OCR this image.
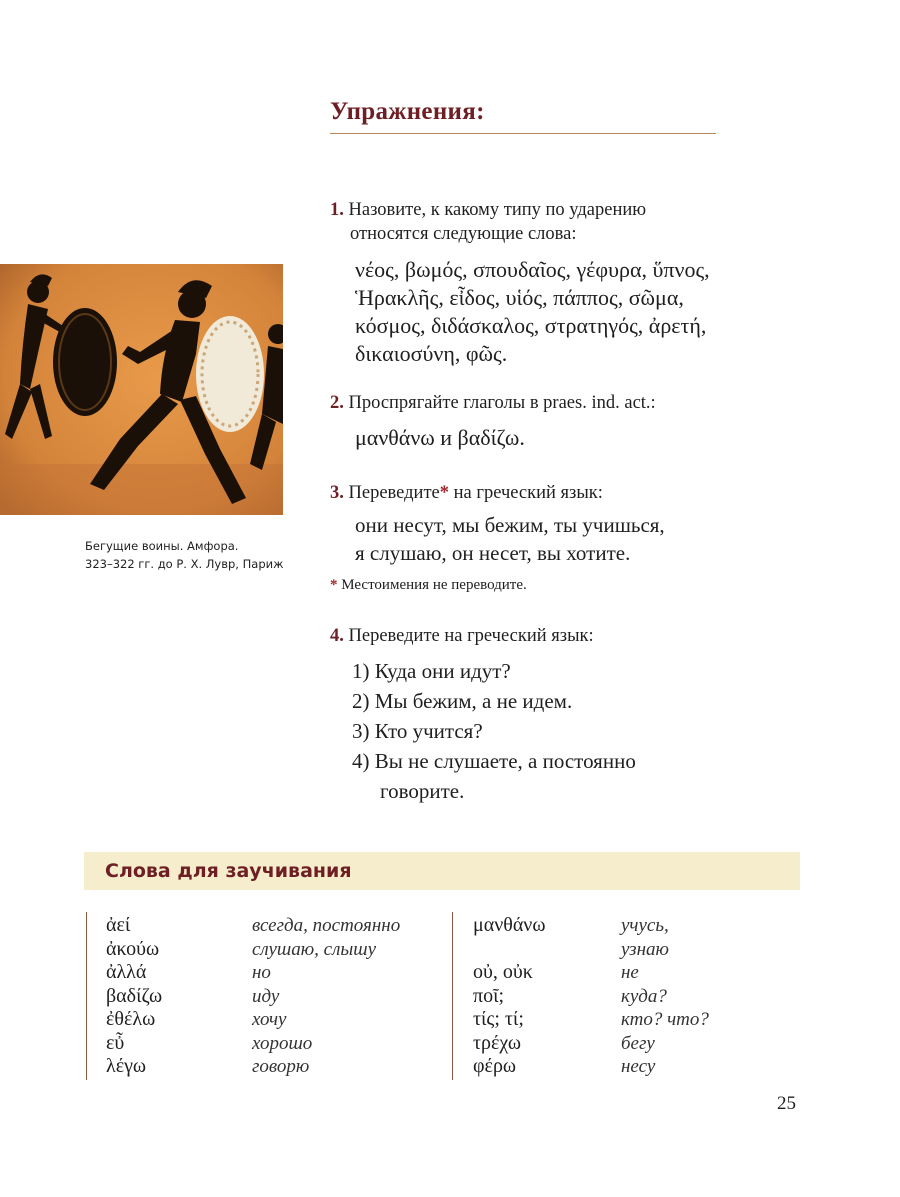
Упражнения:
1. Назовите, к какому типу по ударению
относятся следующие слова:
νέος, βωμός, σπουδαῖος, γέφυρα, ὕπνος,
Ἡρακλῆς, εἶδος, υἱός, πάππος, σῶμα,
κόσμος, διδάσκαλος, στρατηγός, ἀρετή,
δικαιοσύνη, φῶς.
2. Проспрягайте глаголы в praes. ind. act.:
μανθάνω и βαδίζω.
3. Переведите* на греческий язык:
они несут, мы бежим, ты учишься,
я слушаю, он несет, вы хотите.
* Местоимения не переводите.
4. Переведите на греческий язык:
1) Куда они идут?
2) Мы бежим, а не идем.
3) Кто учится?
4) Вы не слушаете, а постоянно
говорите.
Бегущие воины. Амфора.
323–322 гг. до Р. Х. Лувр, Париж
Слова для заучивания
ἀεί
ἀκούω
ἀλλά
βαδίζω
ἐθέλω
εὖ
λέγω
всегда, постоянно
слушаю, слышу
но
иду
хочу
хорошо
говорю
μανθάνω
οὐ, οὐκ
ποῖ;
τίς; τί;
τρέχω
φέρω
учусь,
узнаю
не
куда?
кто? что?
бегу
несу
25
